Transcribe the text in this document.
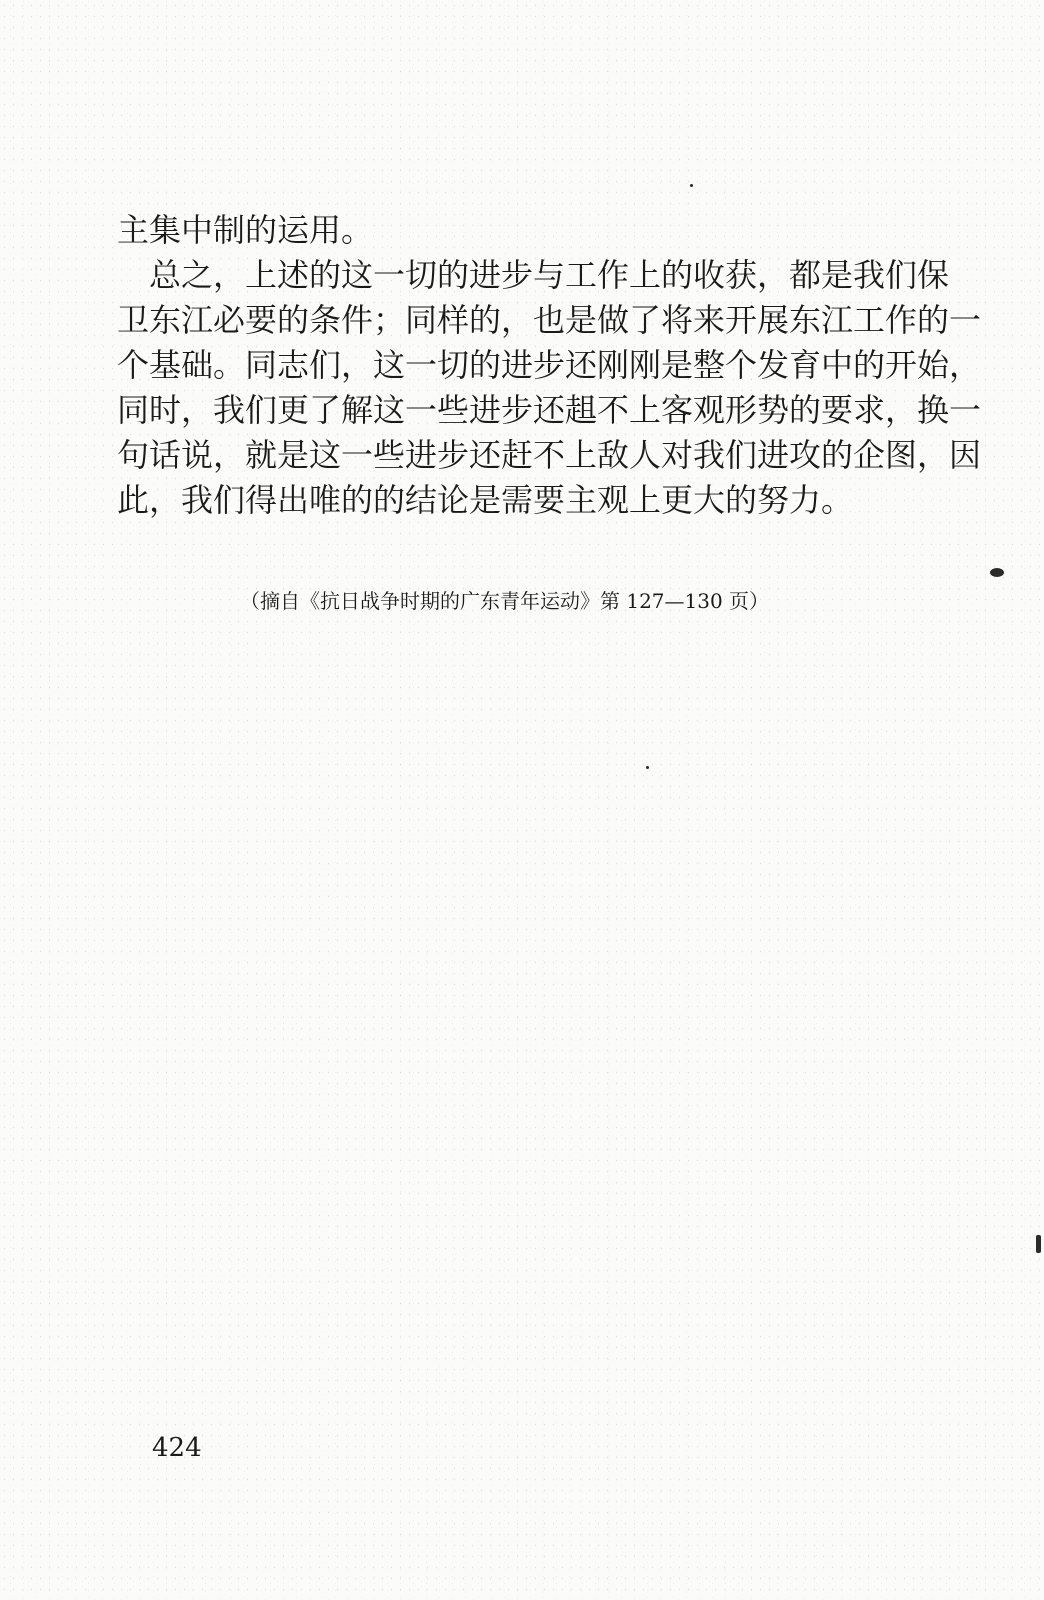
主集中制的运用。
　总之，上述的这一切的进步与工作上的收获，都是我们保
卫东江必要的条件；同样的，也是做了将来开展东江工作的一
个基础。同志们，这一切的进步还刚刚是整个发育中的开始，
同时，我们更了解这一些进步还趄不上客观形势的要求，换一
句话说，就是这一些进步还赶不上敌人对我们进攻的企图，因
此，我们得出唯的的结论是需要主观上更大的努力。
（摘自《抗日战争时期的广东青年运动》第 127—130 页）
424
